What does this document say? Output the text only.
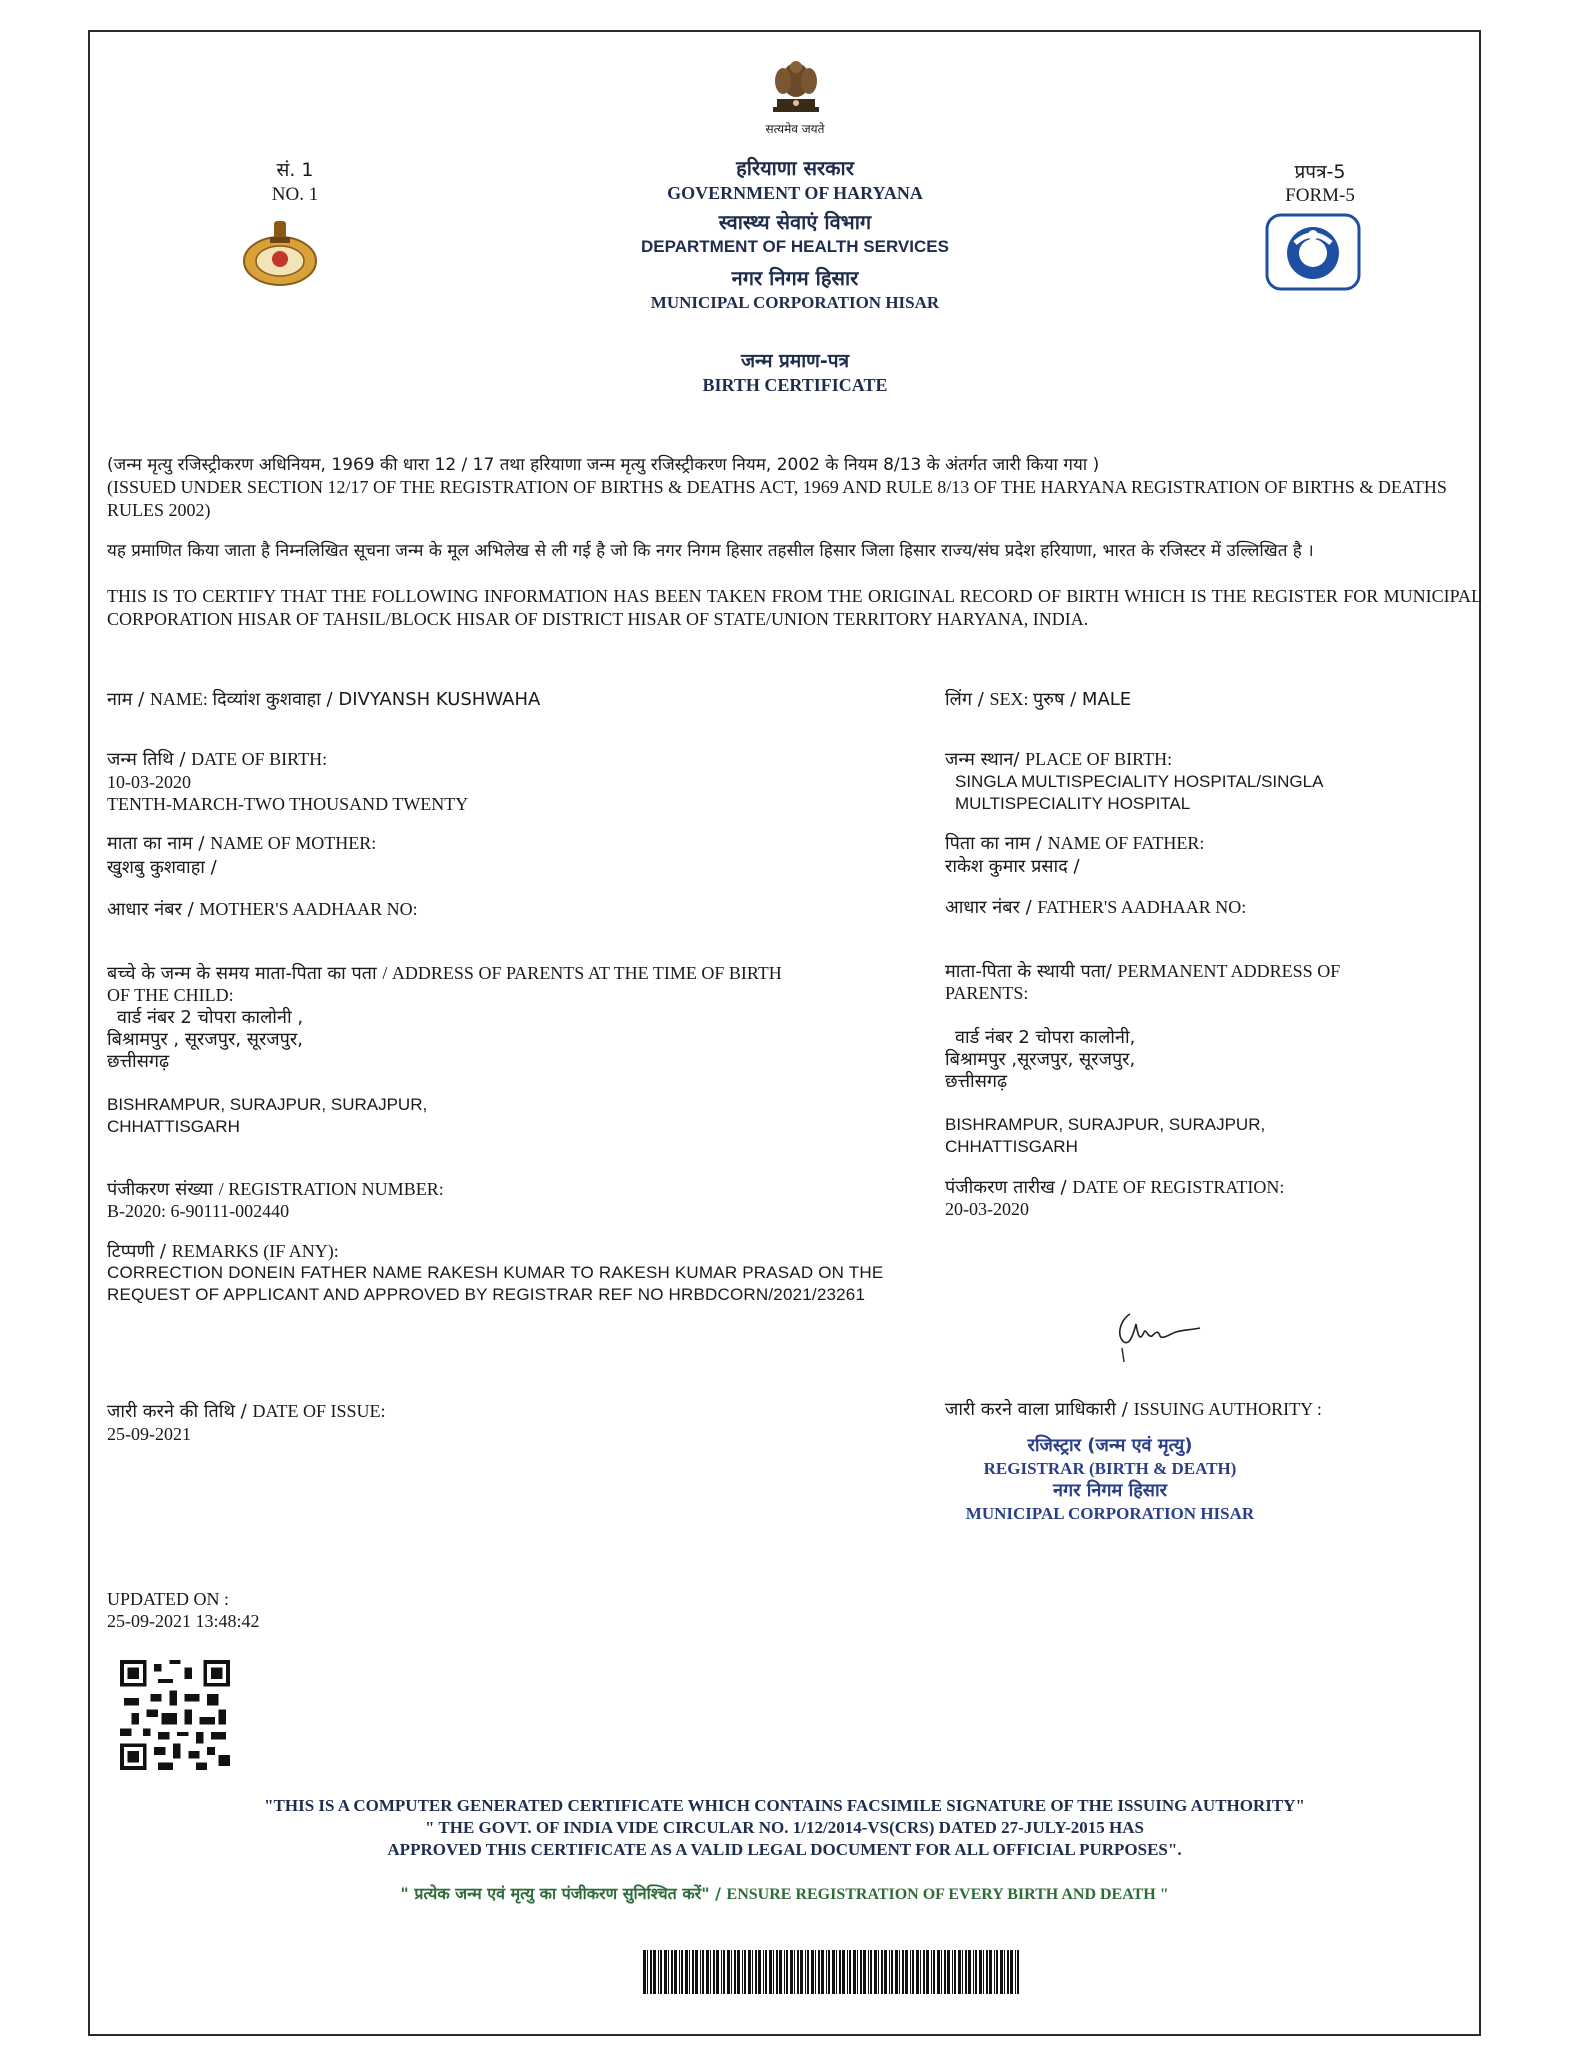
सत्यमेव जयते
सं. 1
NO. 1
हरियाणा सरकार
GOVERNMENT OF HARYANA
स्वास्थ्य सेवाएं विभाग
DEPARTMENT OF HEALTH SERVICES
नगर निगम हिसार
MUNICIPAL CORPORATION HISAR
जन्म प्रमाण-पत्र
BIRTH CERTIFICATE
प्रपत्र-5
FORM-5
(जन्म मृत्यु रजिस्ट्रीकरण अधिनियम, 1969 की धारा 12 / 17 तथा हरियाणा जन्म मृत्यु रजिस्ट्रीकरण नियम, 2002 के नियम 8/13 के अंतर्गत जारी किया गया )
(ISSUED UNDER SECTION 12/17 OF THE REGISTRATION OF BIRTHS & DEATHS ACT, 1969 AND RULE 8/13 OF THE HARYANA REGISTRATION OF BIRTHS & DEATHS RULES 2002)
यह प्रमाणित किया जाता है निम्नलिखित सूचना जन्म के मूल अभिलेख से ली गई है जो कि नगर निगम हिसार तहसील हिसार जिला हिसार राज्य/संघ प्रदेश हरियाणा, भारत के रजिस्टर में उल्लिखित है ।
THIS IS TO CERTIFY THAT THE FOLLOWING INFORMATION HAS BEEN TAKEN FROM THE ORIGINAL RECORD OF BIRTH WHICH IS THE REGISTER FOR MUNICIPAL CORPORATION HISAR OF TAHSIL/BLOCK HISAR OF DISTRICT HISAR OF STATE/UNION TERRITORY HARYANA, INDIA.
नाम / NAME: दिव्यांश कुशवाहा / DIVYANSH KUSHWAHA	लिंग / SEX: पुरुष / MALE
जन्म तिथि / DATE OF BIRTH:
10-03-2020
TENTH-MARCH-TWO THOUSAND TWENTY
जन्म स्थान/ PLACE OF BIRTH:
SINGLA MULTISPECIALITY HOSPITAL/SINGLA
MULTISPECIALITY HOSPITAL
माता का नाम / NAME OF MOTHER:
खुशबु कुशवाहा /
पिता का नाम / NAME OF FATHER:
राकेश कुमार प्रसाद /
आधार नंबर / MOTHER'S AADHAAR NO:	आधार नंबर / FATHER'S AADHAAR NO:
बच्चे के जन्म के समय माता-पिता का पता / ADDRESS OF PARENTS AT THE TIME OF BIRTH
OF THE CHILD:
वार्ड नंबर 2 चोपरा कालोनी ,
बिश्रामपुर , सूरजपुर, सूरजपुर,
छत्तीसगढ़
BISHRAMPUR, SURAJPUR, SURAJPUR,
CHHATTISGARH
माता-पिता के स्थायी पता/ PERMANENT ADDRESS OF
PARENTS:
वार्ड नंबर 2 चोपरा कालोनी,
बिश्रामपुर ,सूरजपुर, सूरजपुर,
छत्तीसगढ़
BISHRAMPUR, SURAJPUR, SURAJPUR,
CHHATTISGARH
पंजीकरण संख्या / REGISTRATION NUMBER:
B-2020: 6-90111-002440
पंजीकरण तारीख / DATE OF REGISTRATION:
20-03-2020
टिप्पणी / REMARKS (IF ANY):
CORRECTION DONEIN FATHER NAME RAKESH KUMAR TO RAKESH KUMAR PRASAD ON THE
REQUEST OF APPLICANT AND APPROVED BY REGISTRAR REF NO HRBDCORN/2021/23261
जारी करने की तिथि / DATE OF ISSUE:
25-09-2021
जारी करने वाला प्राधिकारी / ISSUING AUTHORITY :
रजिस्ट्रार (जन्म एवं मृत्यु)
REGISTRAR (BIRTH & DEATH)
नगर निगम हिसार
MUNICIPAL CORPORATION HISAR
UPDATED ON :
25-09-2021 13:48:42
"THIS IS A COMPUTER GENERATED CERTIFICATE WHICH CONTAINS FACSIMILE SIGNATURE OF THE ISSUING AUTHORITY"
" THE GOVT. OF INDIA VIDE CIRCULAR NO. 1/12/2014-VS(CRS) DATED 27-JULY-2015 HAS
APPROVED THIS CERTIFICATE AS A VALID LEGAL DOCUMENT FOR ALL OFFICIAL PURPOSES".
" प्रत्येक जन्म एवं मृत्यु का पंजीकरण सुनिश्चित करें" / ENSURE REGISTRATION OF EVERY BIRTH AND DEATH "
